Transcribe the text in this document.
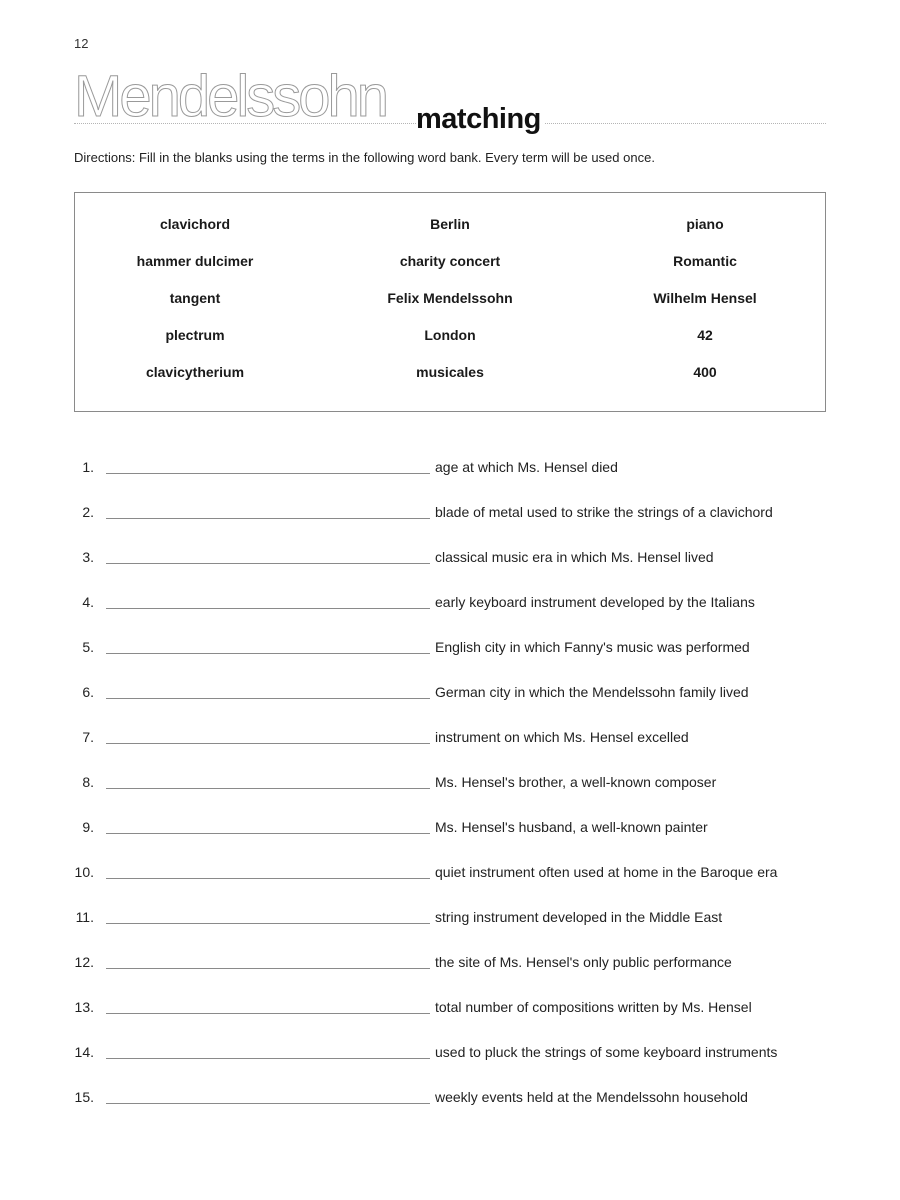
12
Mendelssohn matching
Directions: Fill in the blanks using the terms in the following word bank. Every term will be used once.
clavichord	Berlin	piano
hammer dulcimer	charity concert	Romantic
tangent	Felix Mendelssohn	Wilhelm Hensel
plectrum	London	42
clavicytherium	musicales	400
1.	age at which Ms. Hensel died
2.	blade of metal used to strike the strings of a clavichord
3.	classical music era in which Ms. Hensel lived
4.	early keyboard instrument developed by the Italians
5.	English city in which Fanny's music was performed
6.	German city in which the Mendelssohn family lived
7.	instrument on which Ms. Hensel excelled
8.	Ms. Hensel's brother, a well-known composer
9.	Ms. Hensel's husband, a well-known painter
10.	quiet instrument often used at home in the Baroque era
11.	string instrument developed in the Middle East
12.	the site of Ms. Hensel's only public performance
13.	total number of compositions written by Ms. Hensel
14.	used to pluck the strings of some keyboard instruments
15.	weekly events held at the Mendelssohn household
